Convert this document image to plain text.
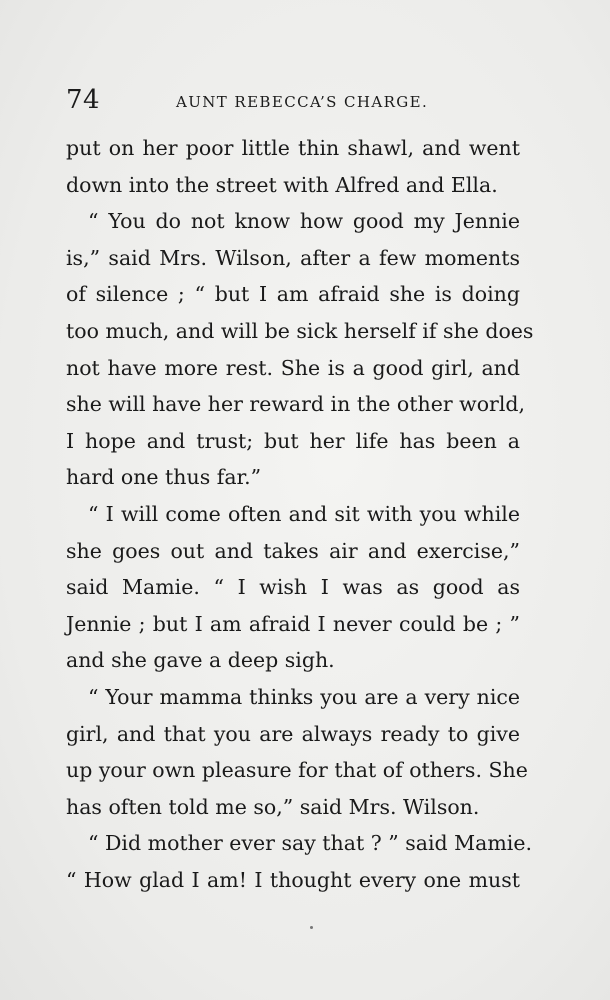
74	AUNT REBECCA’S CHARGE.
put on her poor little thin shawl, and went
down into the street with Alfred and Ella.
“ You do not know how good my Jennie
is,” said Mrs. Wilson, after a few moments
of silence ; “ but I am afraid she is doing
too much, and will be sick herself if she does
not have more rest. She is a good girl, and
she will have her reward in the other world,
I hope and trust; but her life has been a
hard one thus far.”
“ I will come often and sit with you while
she goes out and takes air and exercise,”
said Mamie. “ I wish I was as good as
Jennie ; but I am afraid I never could be ; ”
and she gave a deep sigh.
“ Your mamma thinks you are a very nice
girl, and that you are always ready to give
up your own pleasure for that of others. She
has often told me so,” said Mrs. Wilson.
“ Did mother ever say that ? ” said Mamie.
“ How glad I am! I thought every one must
